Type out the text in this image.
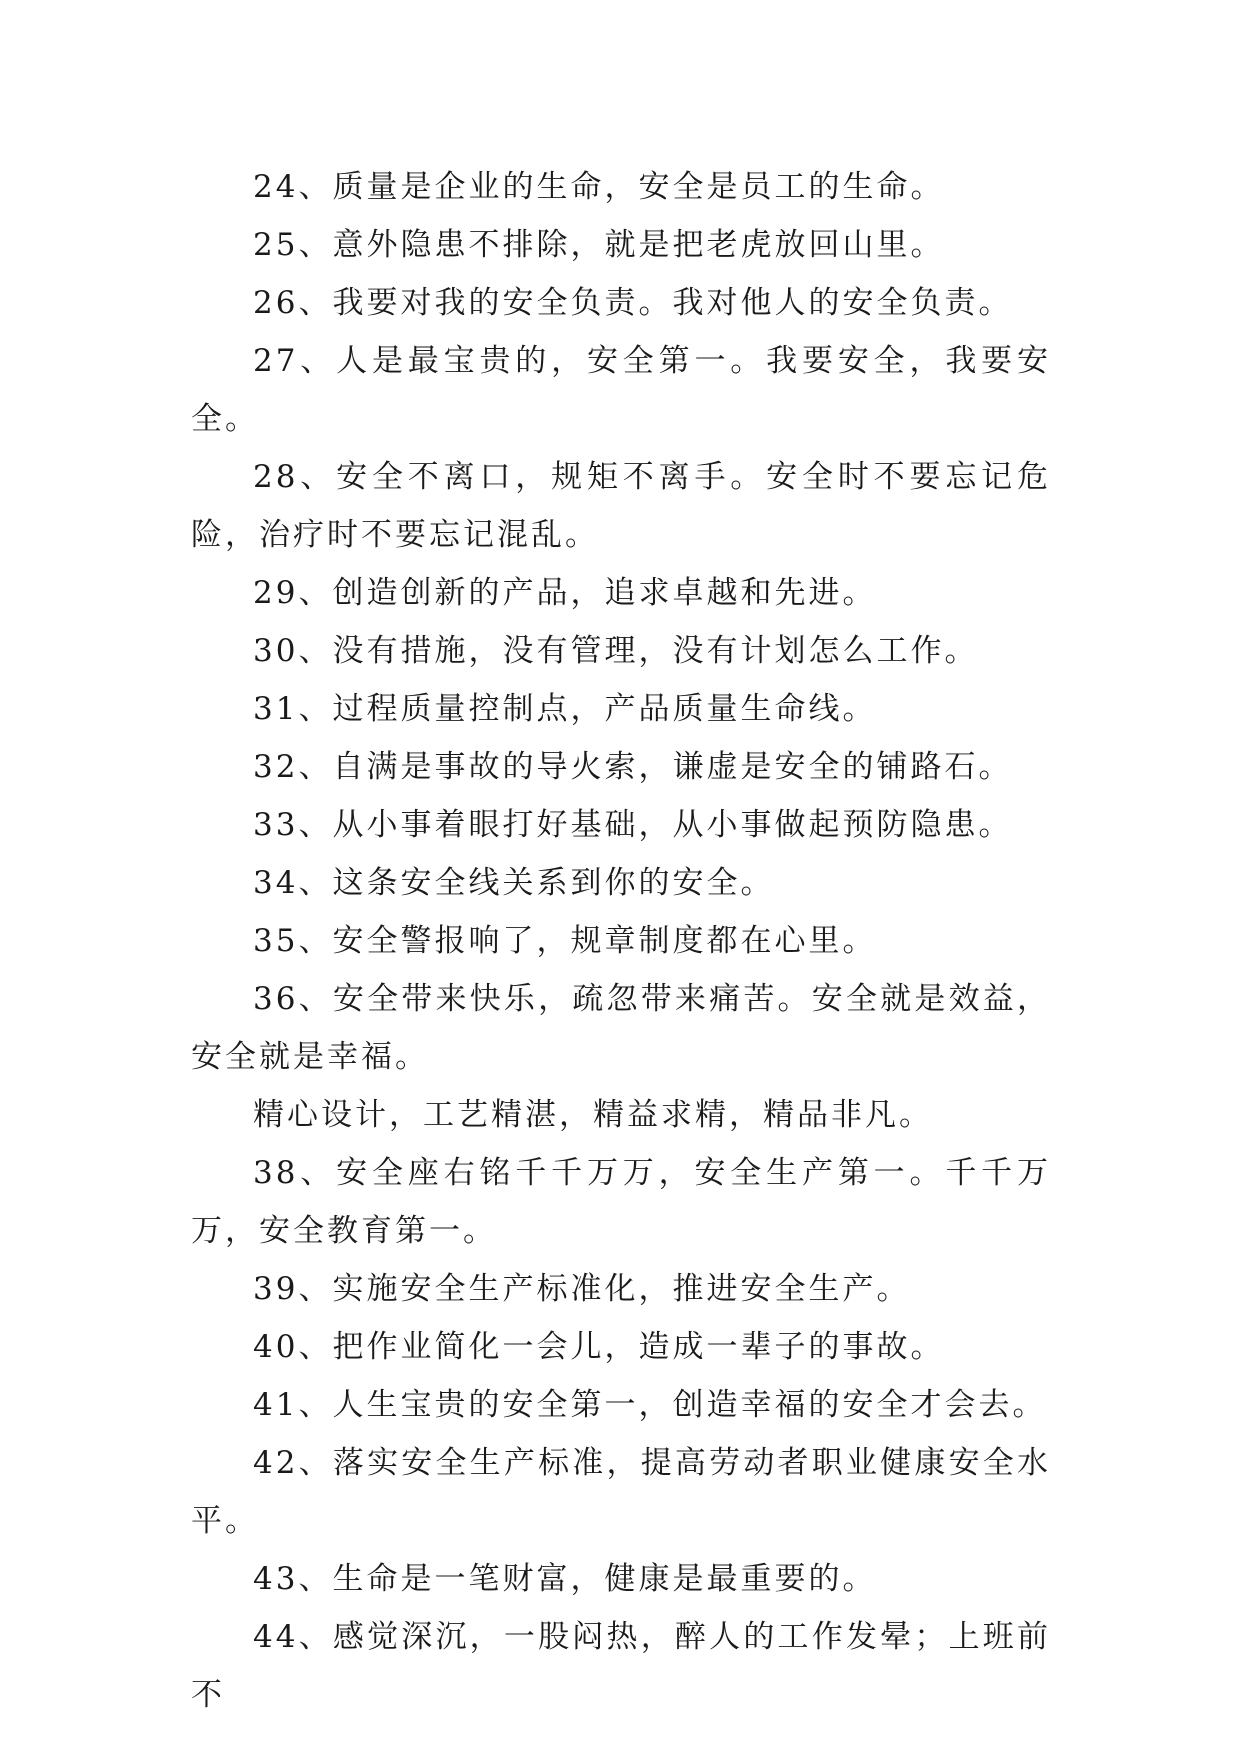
24、质量是企业的生命，安全是员工的生命。

25、意外隐患不排除，就是把老虎放回山里。

26、我要对我的安全负责。我对他人的安全负责。

27、人是最宝贵的，安全第一。我要安全，我要安全。

28、安全不离口，规矩不离手。安全时不要忘记危险，治疗时不要忘记混乱。

29、创造创新的产品，追求卓越和先进。

30、没有措施，没有管理，没有计划怎么工作。

31、过程质量控制点，产品质量生命线。

32、自满是事故的导火索，谦虚是安全的铺路石。

33、从小事着眼打好基础，从小事做起预防隐患。

34、这条安全线关系到你的安全。

35、安全警报响了，规章制度都在心里。

36、安全带来快乐，疏忽带来痛苦。安全就是效益，安全就是幸福。

精心设计，工艺精湛，精益求精，精品非凡。

38、安全座右铭千千万万，安全生产第一。千千万万，安全教育第一。

39、实施安全生产标准化，推进安全生产。

40、把作业简化一会儿，造成一辈子的事故。

41、人生宝贵的安全第一，创造幸福的安全才会去。

42、落实安全生产标准，提高劳动者职业健康安全水平。

43、生命是一笔财富，健康是最重要的。

44、感觉深沉，一股闷热，醉人的工作发晕；上班前不
